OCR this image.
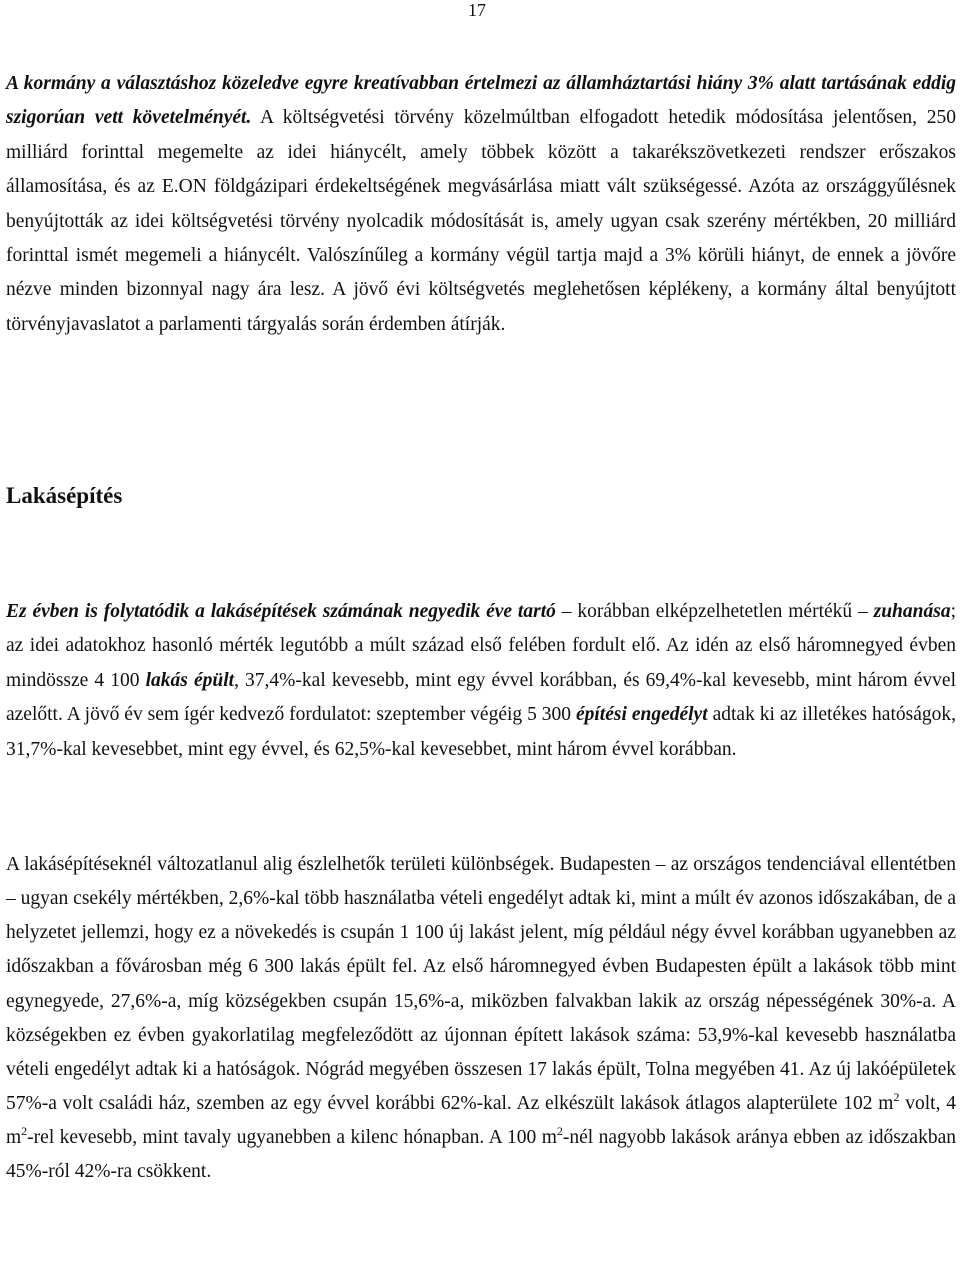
17

A kormány a választáshoz közeledve egyre kreatívabban értelmezi az államháztartási hiány 3% alatt tartásának eddig szigorúan vett követelményét. A költségvetési törvény közelmúltban elfogadott hetedik módosítása jelentősen, 250 milliárd forinttal megemelte az idei hiánycélt, amely többek között a takarékszövetkezeti rendszer erőszakos államosítása, és az E.ON földgázipari érdekeltségének megvásárlása miatt vált szükségessé. Azóta az országgyűlésnek benyújtották az idei költségvetési törvény nyolcadik módosítását is, amely ugyan csak szerény mértékben, 20 milliárd forinttal ismét megemeli a hiánycélt. Valószínűleg a kormány végül tartja majd a 3% körüli hiányt, de ennek a jövőre nézve minden bizonnyal nagy ára lesz. A jövő évi költségvetés meglehetősen képlékeny, a kormány által benyújtott törvényjavaslatot a parlamenti tárgyalás során érdemben átírják.

Lakásépítés

Ez évben is folytatódik a lakásépítések számának negyedik éve tartó – korábban elképzelhetetlen mértékű – zuhanása; az idei adatokhoz hasonló mérték legutóbb a múlt század első felében fordult elő. Az idén az első háromnegyed évben mindössze 4 100 lakás épült, 37,4%-kal kevesebb, mint egy évvel korábban, és 69,4%-kal kevesebb, mint három évvel azelőtt. A jövő év sem ígér kedvező fordulatot: szeptember végéig 5 300 építési engedélyt adtak ki az illetékes hatóságok, 31,7%-kal kevesebbet, mint egy évvel, és 62,5%-kal kevesebbet, mint három évvel korábban.

A lakásépítéseknél változatlanul alig észlelhetők területi különbségek. Budapesten – az országos tendenciával ellentétben – ugyan csekély mértékben, 2,6%-kal több használatba vételi engedélyt adtak ki, mint a múlt év azonos időszakában, de a helyzetet jellemzi, hogy ez a növekedés is csupán 1 100 új lakást jelent, míg például négy évvel korábban ugyanebben az időszakban a fővárosban még 6 300 lakás épült fel. Az első háromnegyed évben Budapesten épült a lakások több mint egynegyede, 27,6%-a, míg községekben csupán 15,6%-a, miközben falvakban lakik az ország népességének 30%-a. A községekben ez évben gyakorlatilag megfeleződött az újonnan épített lakások száma: 53,9%-kal kevesebb használatba vételi engedélyt adtak ki a hatóságok. Nógrád megyében összesen 17 lakás épült, Tolna megyében 41. Az új lakóépületek 57%-a volt családi ház, szemben az egy évvel korábbi 62%-kal. Az elkészült lakások átlagos alapterülete 102 $m^2$ volt, 4 $m^2$-rel kevesebb, mint tavaly ugyanebben a kilenc hónapban. A 100 $m^2$-nél nagyobb lakások aránya ebben az időszakban 45%-ról 42%-ra csökkent.
